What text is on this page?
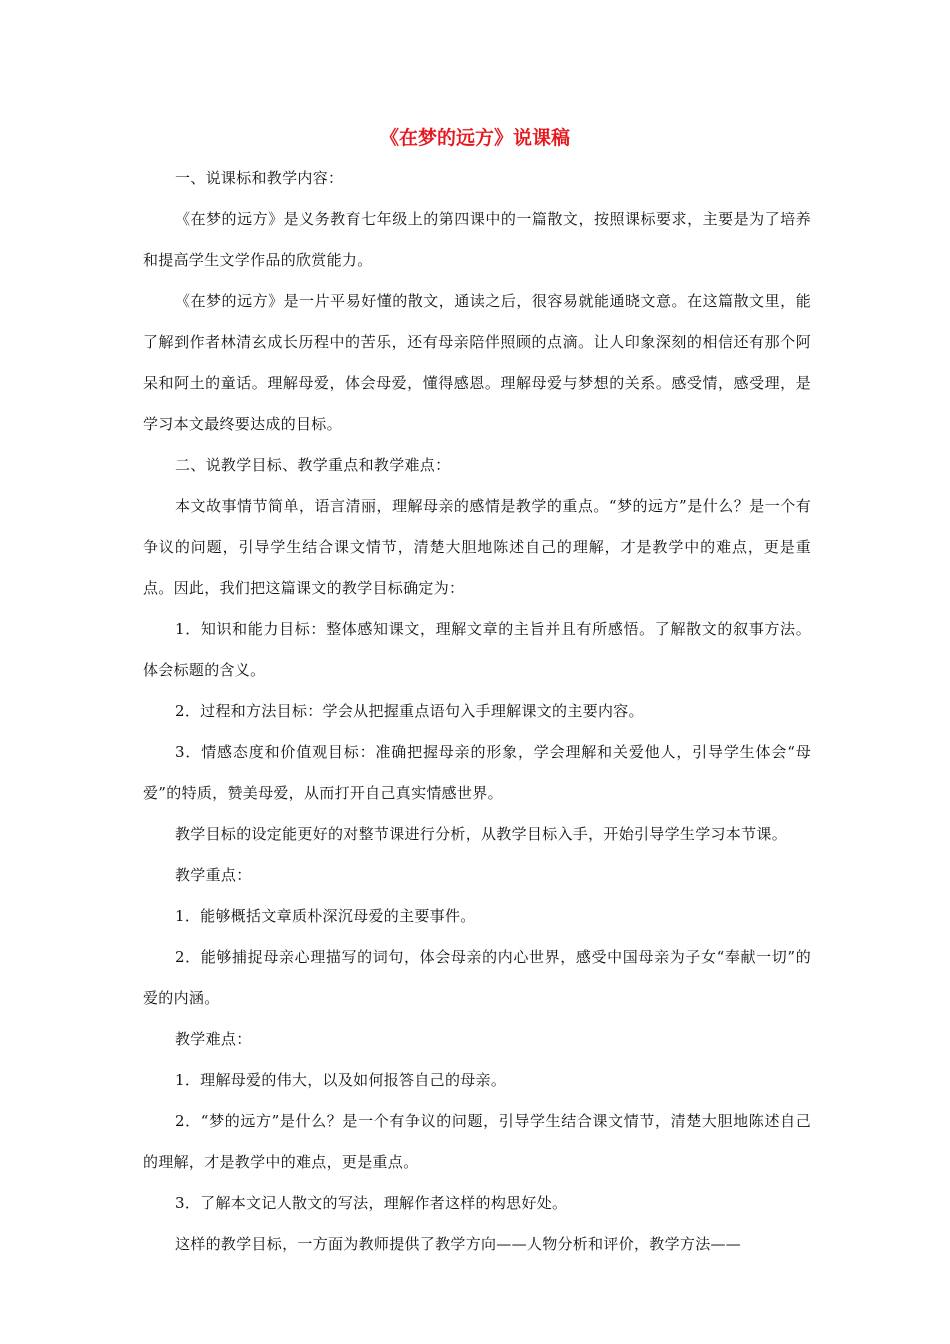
《在梦的远方》说课稿

一、说课标和教学内容：

《在梦的远方》是义务教育七年级上的第四课中的一篇散文，按照课标要求，主要是为了培养和提高学生文学作品的欣赏能力。

《在梦的远方》是一片平易好懂的散文，通读之后，很容易就能通晓文意。在这篇散文里，能了解到作者林清玄成长历程中的苦乐，还有母亲陪伴照顾的点滴。让人印象深刻的相信还有那个阿呆和阿土的童话。理解母爱，体会母爱，懂得感恩。理解母爱与梦想的关系。感受情，感受理，是学习本文最终要达成的目标。

二、说教学目标、教学重点和教学难点：

本文故事情节简单，语言清丽，理解母亲的感情是教学的重点。“梦的远方”是什么？是一个有争议的问题，引导学生结合课文情节，清楚大胆地陈述自己的理解，才是教学中的难点，更是重点。因此，我们把这篇课文的教学目标确定为：

1．知识和能力目标：整体感知课文，理解文章的主旨并且有所感悟。了解散文的叙事方法。体会标题的含义。

2．过程和方法目标：学会从把握重点语句入手理解课文的主要内容。

3．情感态度和价值观目标：准确把握母亲的形象，学会理解和关爱他人，引导学生体会“母爱”的特质，赞美母爱，从而打开自己真实情感世界。

教学目标的设定能更好的对整节课进行分析，从教学目标入手，开始引导学生学习本节课。

教学重点：

1．能够概括文章质朴深沉母爱的主要事件。

2．能够捕捉母亲心理描写的词句，体会母亲的内心世界，感受中国母亲为子女“奉献一切”的爱的内涵。

教学难点：

1．理解母爱的伟大，以及如何报答自己的母亲。

2．“梦的远方”是什么？是一个有争议的问题，引导学生结合课文情节，清楚大胆地陈述自己的理解，才是教学中的难点，更是重点。

3．了解本文记人散文的写法，理解作者这样的构思好处。

这样的教学目标，一方面为教师提供了教学方向——人物分析和评价，教学方法——
